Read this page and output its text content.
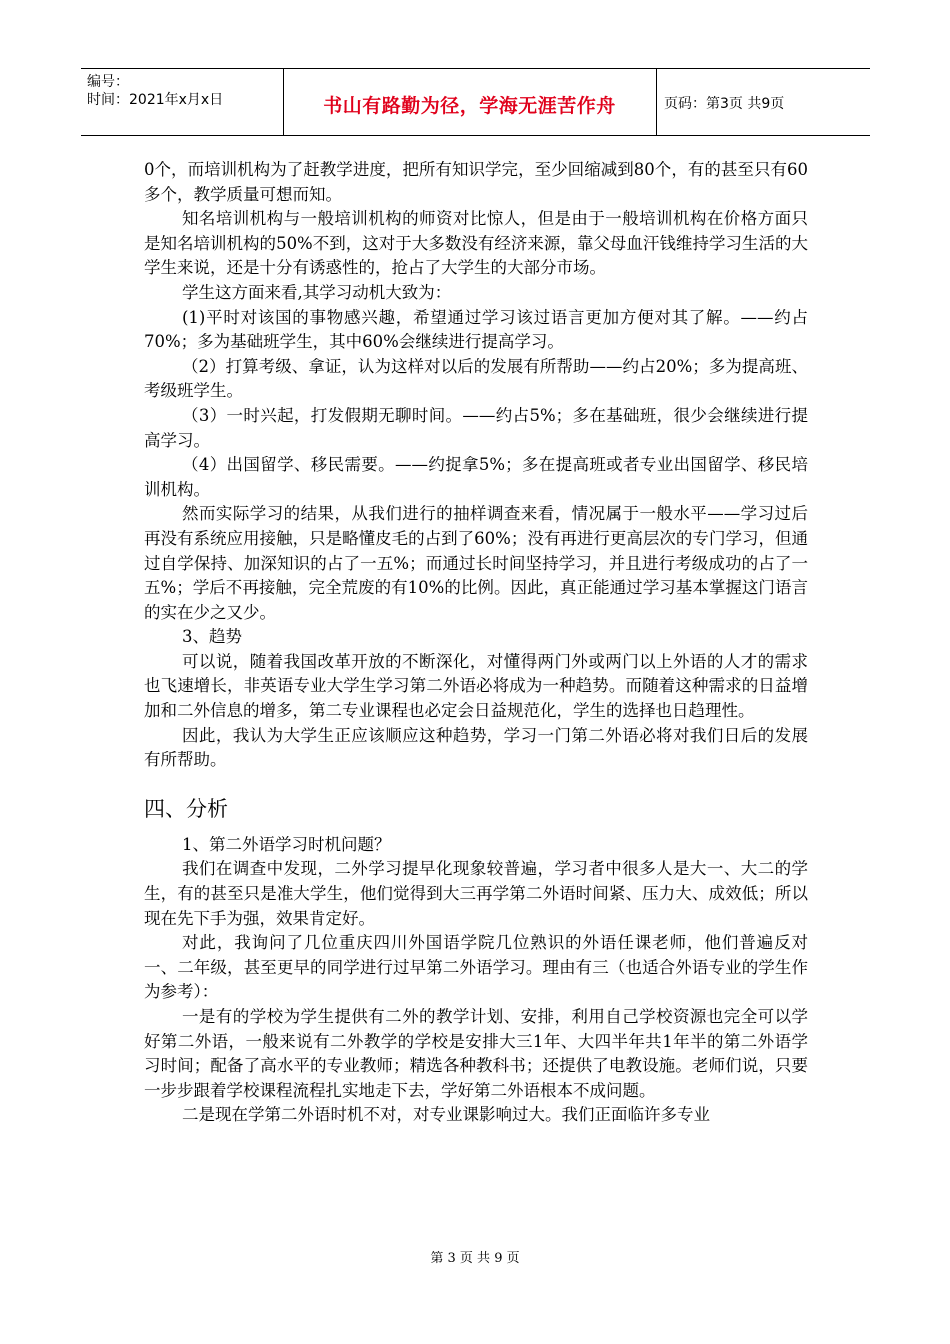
编号：
时间：2021年x月x日	书山有路勤为径，学海无涯苦作舟	页码：第3页 共9页

0个，而培训机构为了赶教学进度，把所有知识学完，至少回缩减到80个，有的甚至只有60多个，教学质量可想而知。

知名培训机构与一般培训机构的师资对比惊人，但是由于一般培训机构在价格方面只是知名培训机构的50%不到，这对于大多数没有经济来源，靠父母血汗钱维持学习生活的大学生来说，还是十分有诱惑性的，抢占了大学生的大部分市场。

学生这方面来看,其学习动机大致为：

(1)平时对该国的事物感兴趣，希望通过学习该过语言更加方便对其了解。——约占70%；多为基础班学生，其中60%会继续进行提高学习。

（2）打算考级、拿证，认为这样对以后的发展有所帮助——约占20%；多为提高班、考级班学生。

（3）一时兴起，打发假期无聊时间。——约占5%；多在基础班，很少会继续进行提高学习。

（4）出国留学、移民需要。——约捉拿5%；多在提高班或者专业出国留学、移民培训机构。

然而实际学习的结果，从我们进行的抽样调查来看，情况属于一般水平——学习过后再没有系统应用接触，只是略懂皮毛的占到了60%；没有再进行更高层次的专门学习，但通过自学保持、加深知识的占了一五%；而通过长时间坚持学习，并且进行考级成功的占了一五%；学后不再接触，完全荒废的有10%的比例。因此，真正能通过学习基本掌握这门语言的实在少之又少。

3、趋势

可以说，随着我国改革开放的不断深化，对懂得两门外或两门以上外语的人才的需求也飞速增长，非英语专业大学生学习第二外语必将成为一种趋势。而随着这种需求的日益增加和二外信息的增多，第二专业课程也必定会日益规范化，学生的选择也日趋理性。

因此，我认为大学生正应该顺应这种趋势，学习一门第二外语必将对我们日后的发展有所帮助。

四、分析

1、第二外语学习时机问题？

我们在调查中发现，二外学习提早化现象较普遍，学习者中很多人是大一、大二的学生，有的甚至只是准大学生，他们觉得到大三再学第二外语时间紧、压力大、成效低；所以现在先下手为强，效果肯定好。

对此，我询问了几位重庆四川外国语学院几位熟识的外语任课老师，他们普遍反对一、二年级，甚至更早的同学进行过早第二外语学习。理由有三（也适合外语专业的学生作为参考）：

一是有的学校为学生提供有二外的教学计划、安排，利用自己学校资源也完全可以学好第二外语，一般来说有二外教学的学校是安排大三1年、大四半年共1年半的第二外语学习时间；配备了高水平的专业教师；精选各种教科书；还提供了电教设施。老师们说，只要一步步跟着学校课程流程扎实地走下去，学好第二外语根本不成问题。

二是现在学第二外语时机不对，对专业课影响过大。我们正面临许多专业

第 3 页 共 9 页
